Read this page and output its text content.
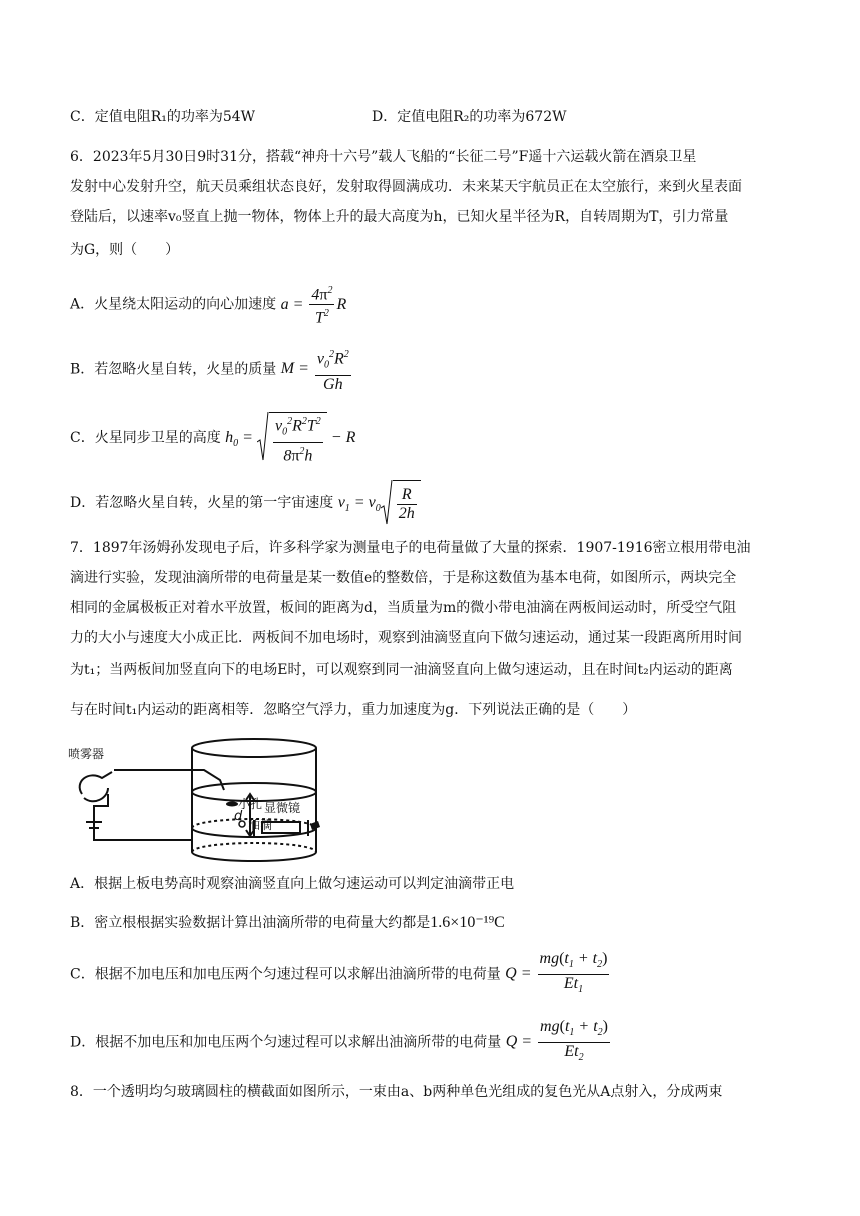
C．定值电阻R₁的功率为54W	D．定值电阻R₂的功率为672W
6．2023年5月30日9时31分，搭载“神舟十六号”载人飞船的“长征二号”F遥十六运载火箭在酒泉卫星
发射中心发射升空，航天员乘组状态良好，发射取得圆满成功．未来某天宇航员正在太空旅行，来到火星表面
登陆后，以速率v₀竖直上抛一物体，物体上升的最大高度为h，已知火星半径为R，自转周期为T，引力常量
为G，则（　　）
A．火星绕太阳运动的向心加速度 $a = \frac{4\pi^2}{T^2}$ R
B．若忽略火星自转，火星的质量 $M = \frac{v_0^2R^2}{Gh}$
C．火星同步卫星的高度 $h_0 = \frac{v_0^2R^2T^2}{8\pi^2h} - R$
D．若忽略火星自转，火星的第一宇宙速度 $v_1 = v_0 \frac{R}{2h}$
7．1897年汤姆孙发现电子后，许多科学家为测量电子的电荷量做了大量的探索．1907-1916密立根用带电油
滴进行实验，发现油滴所带的电荷量是某一数值e的整数倍，于是称这数值为基本电荷，如图所示，两块完全
相同的金属极板正对着水平放置，板间的距离为d，当质量为m的微小带电油滴在两板间运动时，所受空气阻
力的大小与速度大小成正比．两板间不加电场时，观察到油滴竖直向下做匀速运动，通过某一段距离所用时间
为t₁；当两板间加竖直向下的电场E时，可以观察到同一油滴竖直向上做匀速运动，且在时间t₂内运动的距离
与在时间t₁内运动的距离相等．忽略空气浮力，重力加速度为g．下列说法正确的是（　　）
喷雾器
小孔
油滴
显微镜
d
A．根据上板电势高时观察油滴竖直向上做匀速运动可以判定油滴带正电
B．密立根根据实验数据计算出油滴所带的电荷量大约都是1.6×10⁻¹⁹C
C．根据不加电压和加电压两个匀速过程可以求解出油滴所带的电荷量 $Q = \frac{mg(t_1 + t_2)}{Et_1}$
D．根据不加电压和加电压两个匀速过程可以求解出油滴所带的电荷量 $Q = \frac{mg(t_1 + t_2)}{Et_2}$
8．一个透明均匀玻璃圆柱的横截面如图所示，一束由a、b两种单色光组成的复色光从A点射入，分成两束
